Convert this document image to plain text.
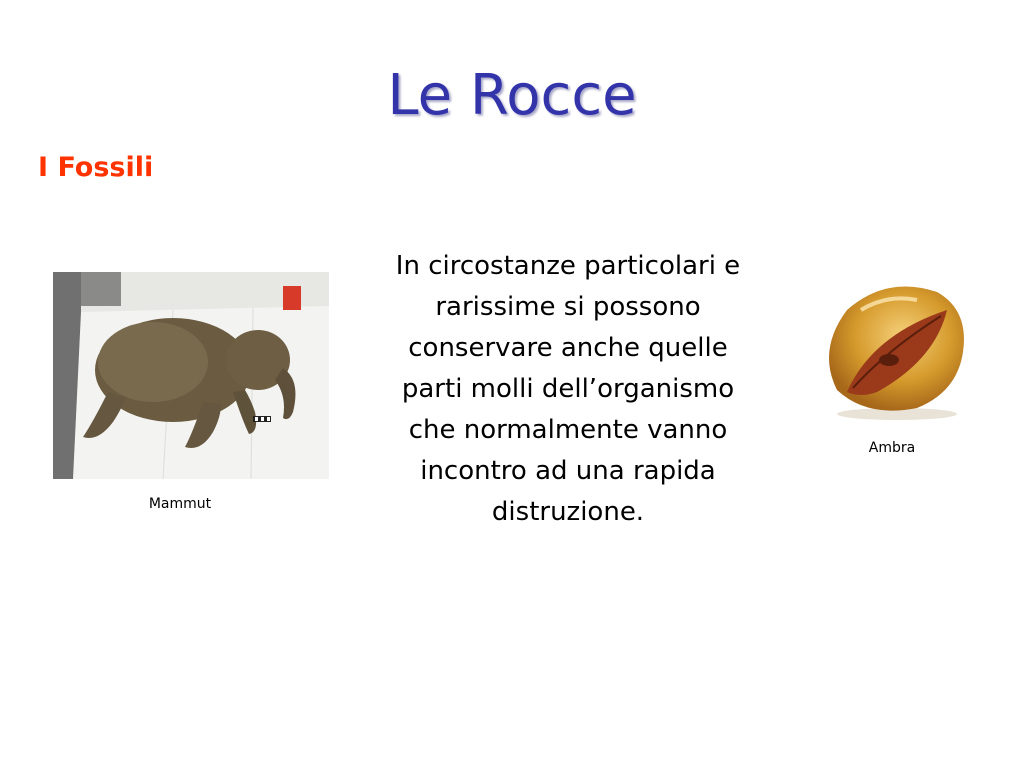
Le Rocce
I Fossili
In circostanze particolari e rarissime si possono conservare anche quelle parti molli dell’organismo che normalmente vanno incontro ad una rapida distruzione.
Mammut
Ambra
